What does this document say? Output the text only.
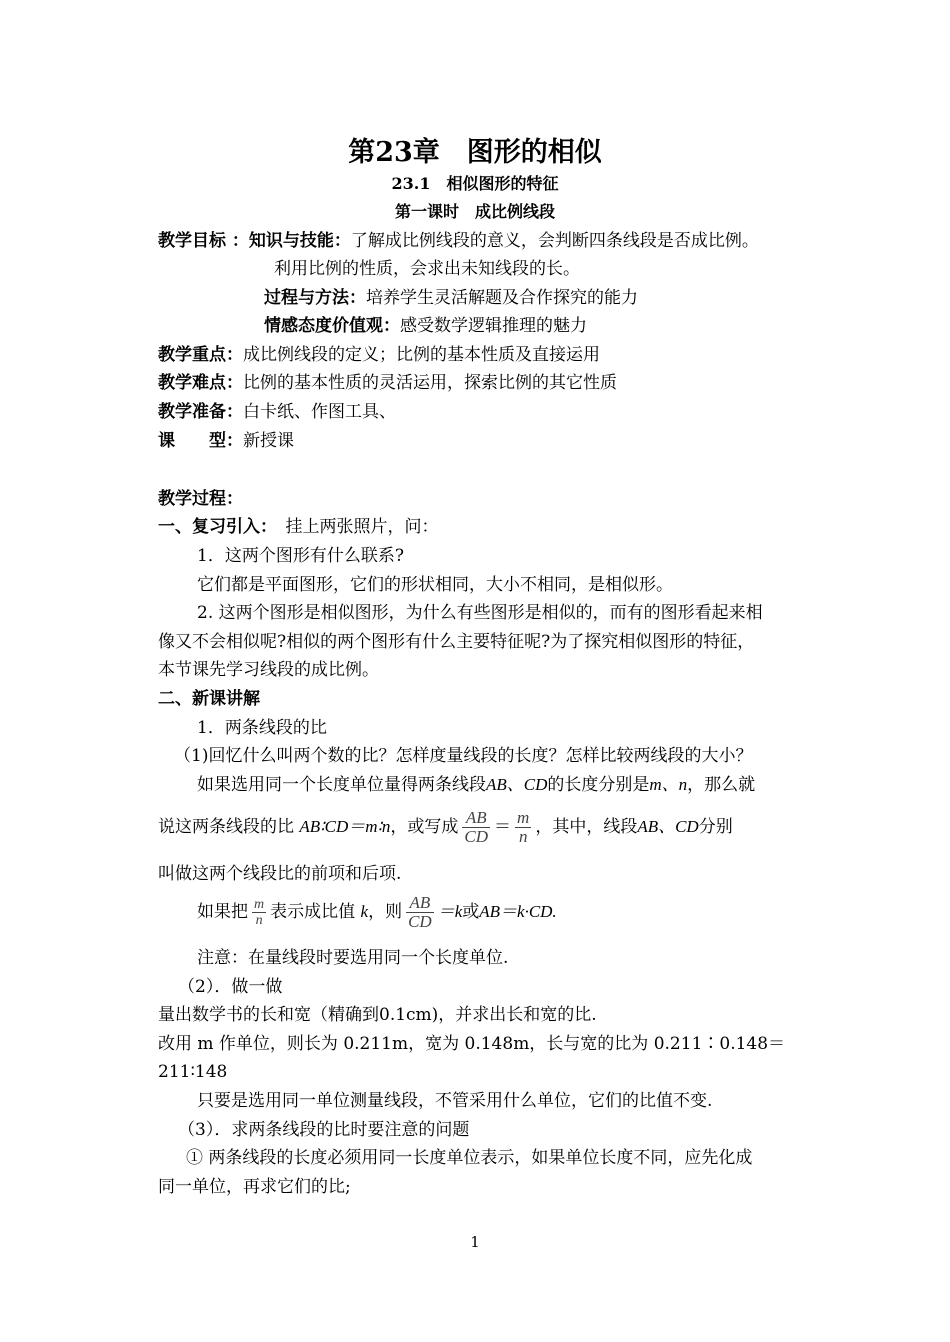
第23章　图形的相似
23.1　相似图形的特征
第一课时　成比例线段
教学目标 ：知识与技能：了解成比例线段的意义，会判断四条线段是否成比例。
利用比例的性质，会求出未知线段的长。
过程与方法：培养学生灵活解题及合作探究的能力
情感态度价值观：感受数学逻辑推理的魅力
教学重点：成比例线段的定义；比例的基本性质及直接运用
教学难点：比例的基本性质的灵活运用，探索比例的其它性质
教学准备：白卡纸、作图工具、
课　　型：新授课
教学过程：
一、复习引入：　挂上两张照片，问：
1．这两个图形有什么联系?
它们都是平面图形，它们的形状相同，大小不相同，是相似形。
2. 这两个图形是相似图形，为什么有些图形是相似的，而有的图形看起来相
像又不会相似呢?相似的两个图形有什么主要特征呢?为了探究相似图形的特征，
本节课先学习线段的成比例。
二、新课讲解
1．两条线段的比
（1)回忆什么叫两个数的比？怎样度量线段的长度？怎样比较两线段的大小？
如果选用同一个长度单位量得两条线段AB、CD的长度分别是m、n，那么就
说这两条线段的比 AB∶CD＝m∶n，或写成 $\frac{AB}{CD} = \frac{m}{n}$ ，其中，线段AB、CD分别
叫做这两个线段比的前项和后项.
如果把 $\frac{m}{n}$ 表示成比值 k，则 $\frac{AB}{CD} =k$或AB＝k·CD.
注意：在量线段时要选用同一个长度单位.
（2）．做一做
量出数学书的长和宽（精确到0.1cm)，并求出长和宽的比.
改用 m 作单位，则长为 0.211m，宽为 0.148m，长与宽的比为 0.211∶0.148＝
211∶148
只要是选用同一单位测量线段，不管采用什么单位，它们的比值不变.
（3）．求两条线段的比时要注意的问题
① 两条线段的长度必须用同一长度单位表示，如果单位长度不同，应先化成
同一单位，再求它们的比;
1
